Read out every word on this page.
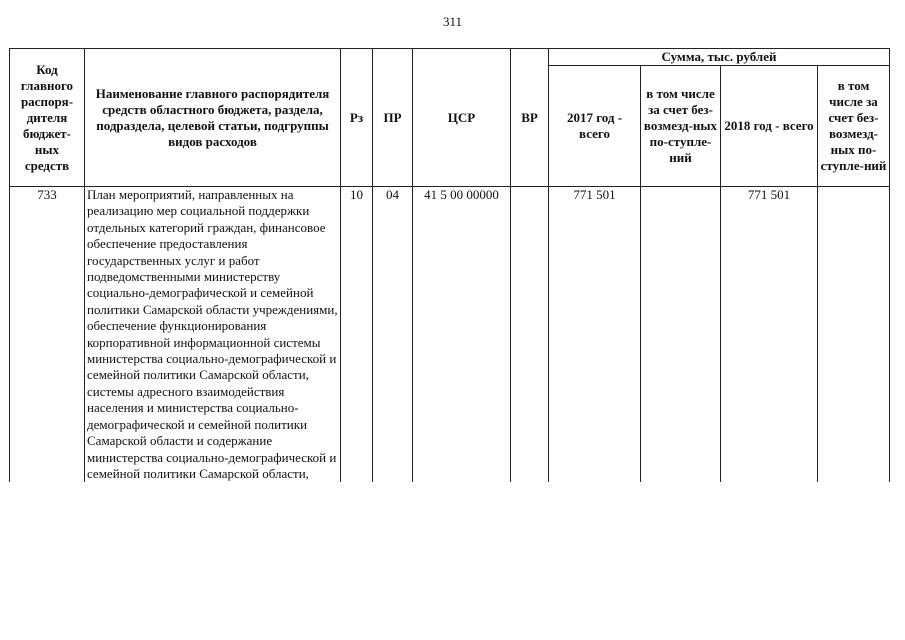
311
Код главного распоря-дителя бюджет-ных средств	Наименование главного распорядителя средств областного бюджета, раздела, подраздела, целевой статьи, подгруппы видов расходов	Рз	ПР	ЦСР	ВР	Сумма, тыс. рублей			
						2017 год - всего	в том числе за счет без-возмезд-ных по-ступле-ний	2018 год - всего	в том числе за счет без-возмезд-ных по-ступле-ний
733	План мероприятий, направленных на реализацию мер социальной поддержки отдельных категорий граждан, финансовое обеспечение предоставления государственных услуг и работ подведомственными министерству социально-демографической и семейной политики Самарской области учреждениями, обеспечение функционирования корпоративной информационной системы министерства социально-демографической и семейной политики Самарской области, системы адресного взаимодействия населения и министерства социально-демографической и семейной политики Самарской области и содержание министерства социально-демографической и семейной политики Самарской области,	10	04	41 5 00 00000		771 501		771 501	
